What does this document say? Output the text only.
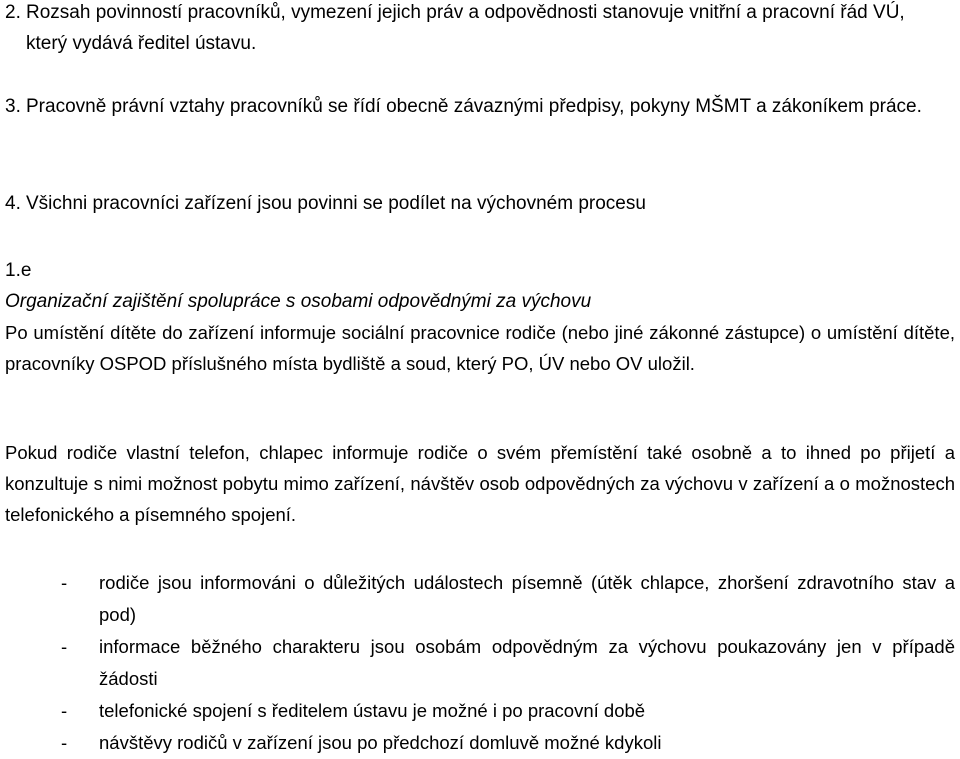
2. Rozsah povinností pracovníků, vymezení jejich práv a odpovědnosti stanovuje vnitřní a pracovní řád VÚ, který vydává ředitel ústavu.
3. Pracovně právní vztahy pracovníků se řídí obecně závaznými předpisy, pokyny MŠMT a zákoníkem práce.
4. Všichni pracovníci zařízení jsou povinni se podílet na výchovném procesu
1.e
Organizační zajištění spolupráce s osobami odpovědnými za výchovu
Po umístění dítěte do zařízení informuje sociální pracovnice rodiče (nebo jiné zákonné zástupce) o umístění dítěte, pracovníky OSPOD příslušného místa bydliště a soud, který PO, ÚV nebo OV uložil.
Pokud rodiče vlastní telefon, chlapec informuje rodiče o svém přemístění také osobně a to ihned po přijetí a konzultuje s nimi možnost pobytu mimo zařízení, návštěv osob odpovědných za výchovu v zařízení a o možnostech telefonického a písemného spojení.
- rodiče jsou informováni o důležitých událostech písemně (útěk chlapce, zhoršení zdravotního stav a pod)
- informace běžného charakteru jsou osobám odpovědným za výchovu poukazovány jen v případě žádosti
- telefonické spojení s ředitelem ústavu je možné i po pracovní době
- návštěvy rodičů v zařízení jsou po předchozí domluvě možné kdykoli
